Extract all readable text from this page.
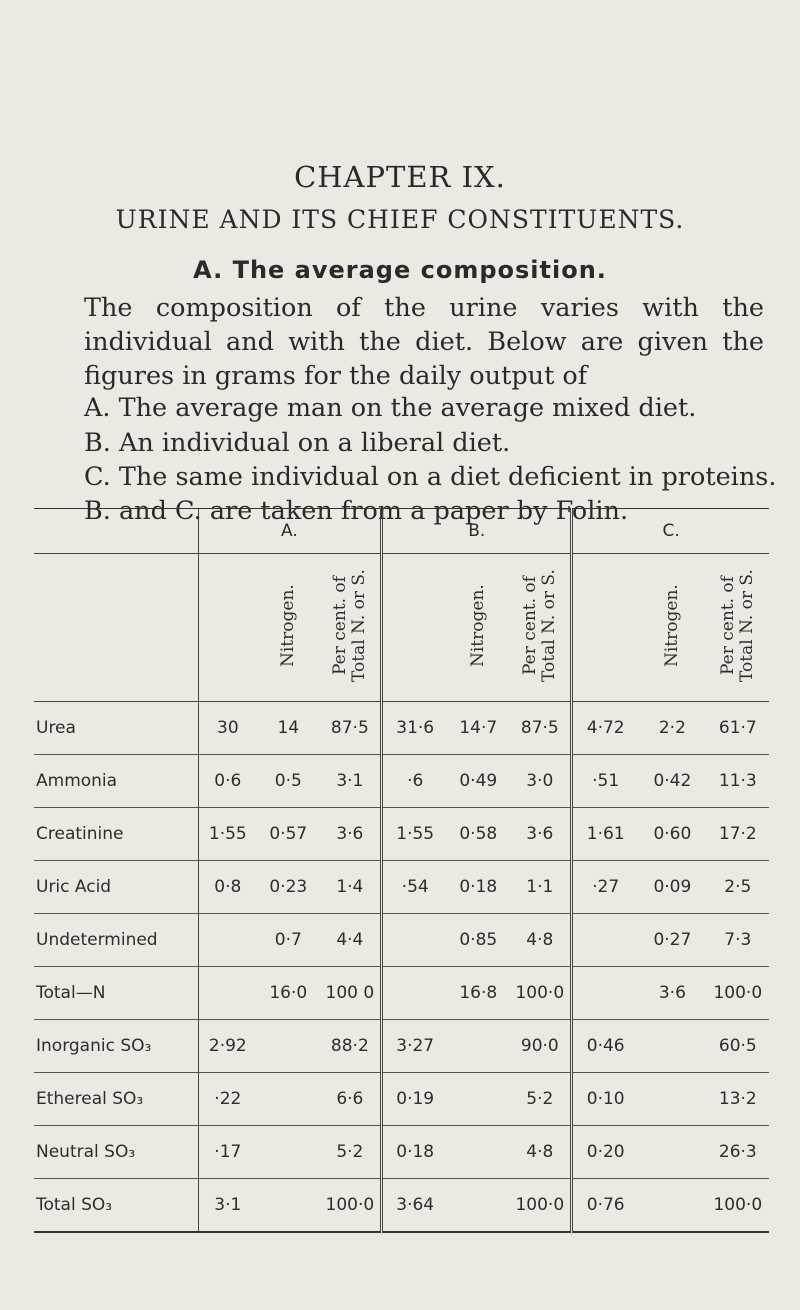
CHAPTER IX.
URINE AND ITS CHIEF CONSTITUENTS.
A. The average composition.

The composition of the urine varies with the individual and with the diet. Below are given the figures in grams for the daily output of

A. The average man on the average mixed diet.

B. An individual on a liberal diet.

C. The same individual on a diet deficient in proteins.

B. and C. are taken from a paper by Folin.

	A.			B.			C.		
		Nitrogen.	Per cent. of Total N. or S.		Nitrogen.	Per cent. of Total N. or S.		Nitrogen.	Per cent. of Total N. or S.
Urea	30	14	87·5	31·6	14·7	87·5	4·72	2·2	61·7
Ammonia	0·6	0·5	3·1	·6	0·49	3·0	·51	0·42	11·3
Creatinine	1·55	0·57	3·6	1·55	0·58	3·6	1·61	0·60	17·2
Uric Acid	0·8	0·23	1·4	·54	0·18	1·1	·27	0·09	2·5
Undetermined		0·7	4·4		0·85	4·8		0·27	7·3
Total—N		16·0	100 0		16·8	100·0		3·6	100·0
Inorganic SO₃	2·92		88·2	3·27		90·0	0·46		60·5
Ethereal SO₃	·22		6·6	0·19		5·2	0·10		13·2
Neutral SO₃	·17		5·2	0·18		4·8	0·20		26·3
Total SO₃	3·1		100·0	3·64		100·0	0·76		100·0
